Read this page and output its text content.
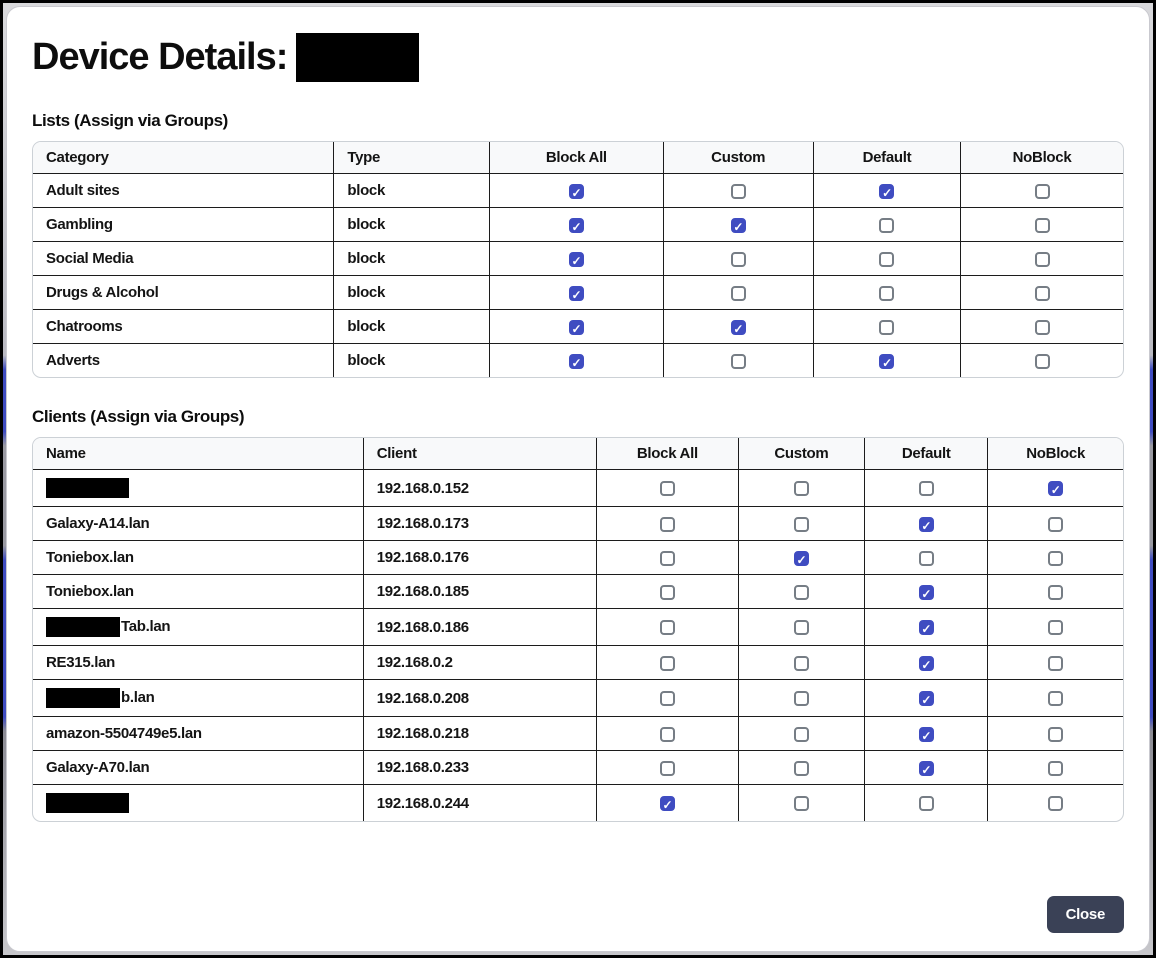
Device Details:
Lists (Assign via Groups)
Category	Type	Block All	Custom	Default	NoBlock
Adult sites	block	✓		✓	
Gambling	block	✓	✓		
Social Media	block	✓			
Drugs & Alcohol	block	✓			
Chatrooms	block	✓	✓		
Adverts	block	✓		✓	
Clients (Assign via Groups)
Name	Client	Block All	Custom	Default	NoBlock
	192.168.0.152				✓
Galaxy-A14.lan	192.168.0.173			✓	
Toniebox.lan	192.168.0.176		✓		
Toniebox.lan	192.168.0.185			✓	
Tab.lan	192.168.0.186			✓	
RE315.lan	192.168.0.2			✓	
b.lan	192.168.0.208			✓	
amazon-5504749e5.lan	192.168.0.218			✓	
Galaxy-A70.lan	192.168.0.233			✓	
	192.168.0.244	✓			
Close
